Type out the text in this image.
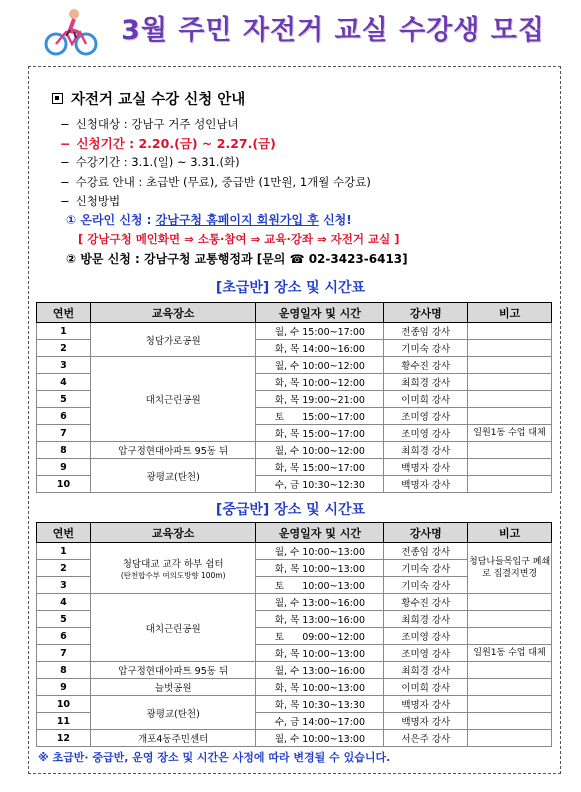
3월 주민 자전거 교실 수강생 모집
자전거 교실 수강 신청 안내
− 신청대상 : 강남구 거주 성인남녀
− 신청기간 : 2.20.(금) ~ 2.27.(금)
− 수강기간 : 3.1.(일) ~ 3.31.(화)
− 수강료 안내 : 초급반 (무료), 중급반 (1만원, 1개월 수강료)
− 신청방법
① 온라인 신청 : 강남구청 홈페이지 회원가입 후 신청!
[ 강남구청 메인화면 ⇒ 소통·참여 ⇒ 교육·강좌 ⇒ 자전거 교실 ]
② 방문 신청 : 강남구청 교통행정과 [문의 ☎ 02-3423-6413]
[초급반] 장소 및 시간표
연번	교육장소	운영일자 및 시간	강사명	비고
1	청담가로공원	월, 수 15:00~17:00	전종임 강사	
2		화, 목 14:00~16:00	기미숙 강사	
3	대치근린공원	월, 수 10:00~12:00	황수진 강사	
4		화, 목 10:00~12:00	최희경 강사	
5		화, 목 19:00~21:00	이미희 강사	
6		토      15:00~17:00	조미영 강사	
7		화, 목 15:00~17:00	조미영 강사	일원1동 수업 대체
8	압구정현대아파트 95동 뒤	월, 수 10:00~12:00	최희경 강사	
9	광평교(탄천)	화, 목 15:00~17:00	백명자 강사	
10		수, 금 10:30~12:30	백명자 강사	
[중급반] 장소 및 시간표
연번	교육장소	운영일자 및 시간	강사명	비고
1	청담대교 교각 하부 쉼터
(탄천합수부 여의도방향 100m)	월, 수 10:00~13:00	전종임 강사	청담나들목입구 폐쇄로 집결지변경
2		화, 목 10:00~13:00	기미숙 강사	
3		토      10:00~13:00	기미숙 강사	
4	대치근린공원	월, 수 13:00~16:00	황수진 강사	
5		화, 목 13:00~16:00	최희경 강사	
6		토      09:00~12:00	조미영 강사	
7		화, 목 10:00~13:00	조미영 강사	일원1동 수업 대체
8	압구정현대아파트 95동 뒤	월, 수 13:00~16:00	최희경 강사	
9	늘벗공원	화, 목 10:00~13:00	이미희 강사	
10	광평교(탄천)	화, 목 10:30~13:30	백명자 강사	
11		수, 금 14:00~17:00	백명자 강사	
12	개포4동주민센터	월, 수 10:00~13:00	서은주 강사	
※ 초급반· 중급반, 운영 장소 및 시간은 사정에 따라 변경될 수 있습니다.
